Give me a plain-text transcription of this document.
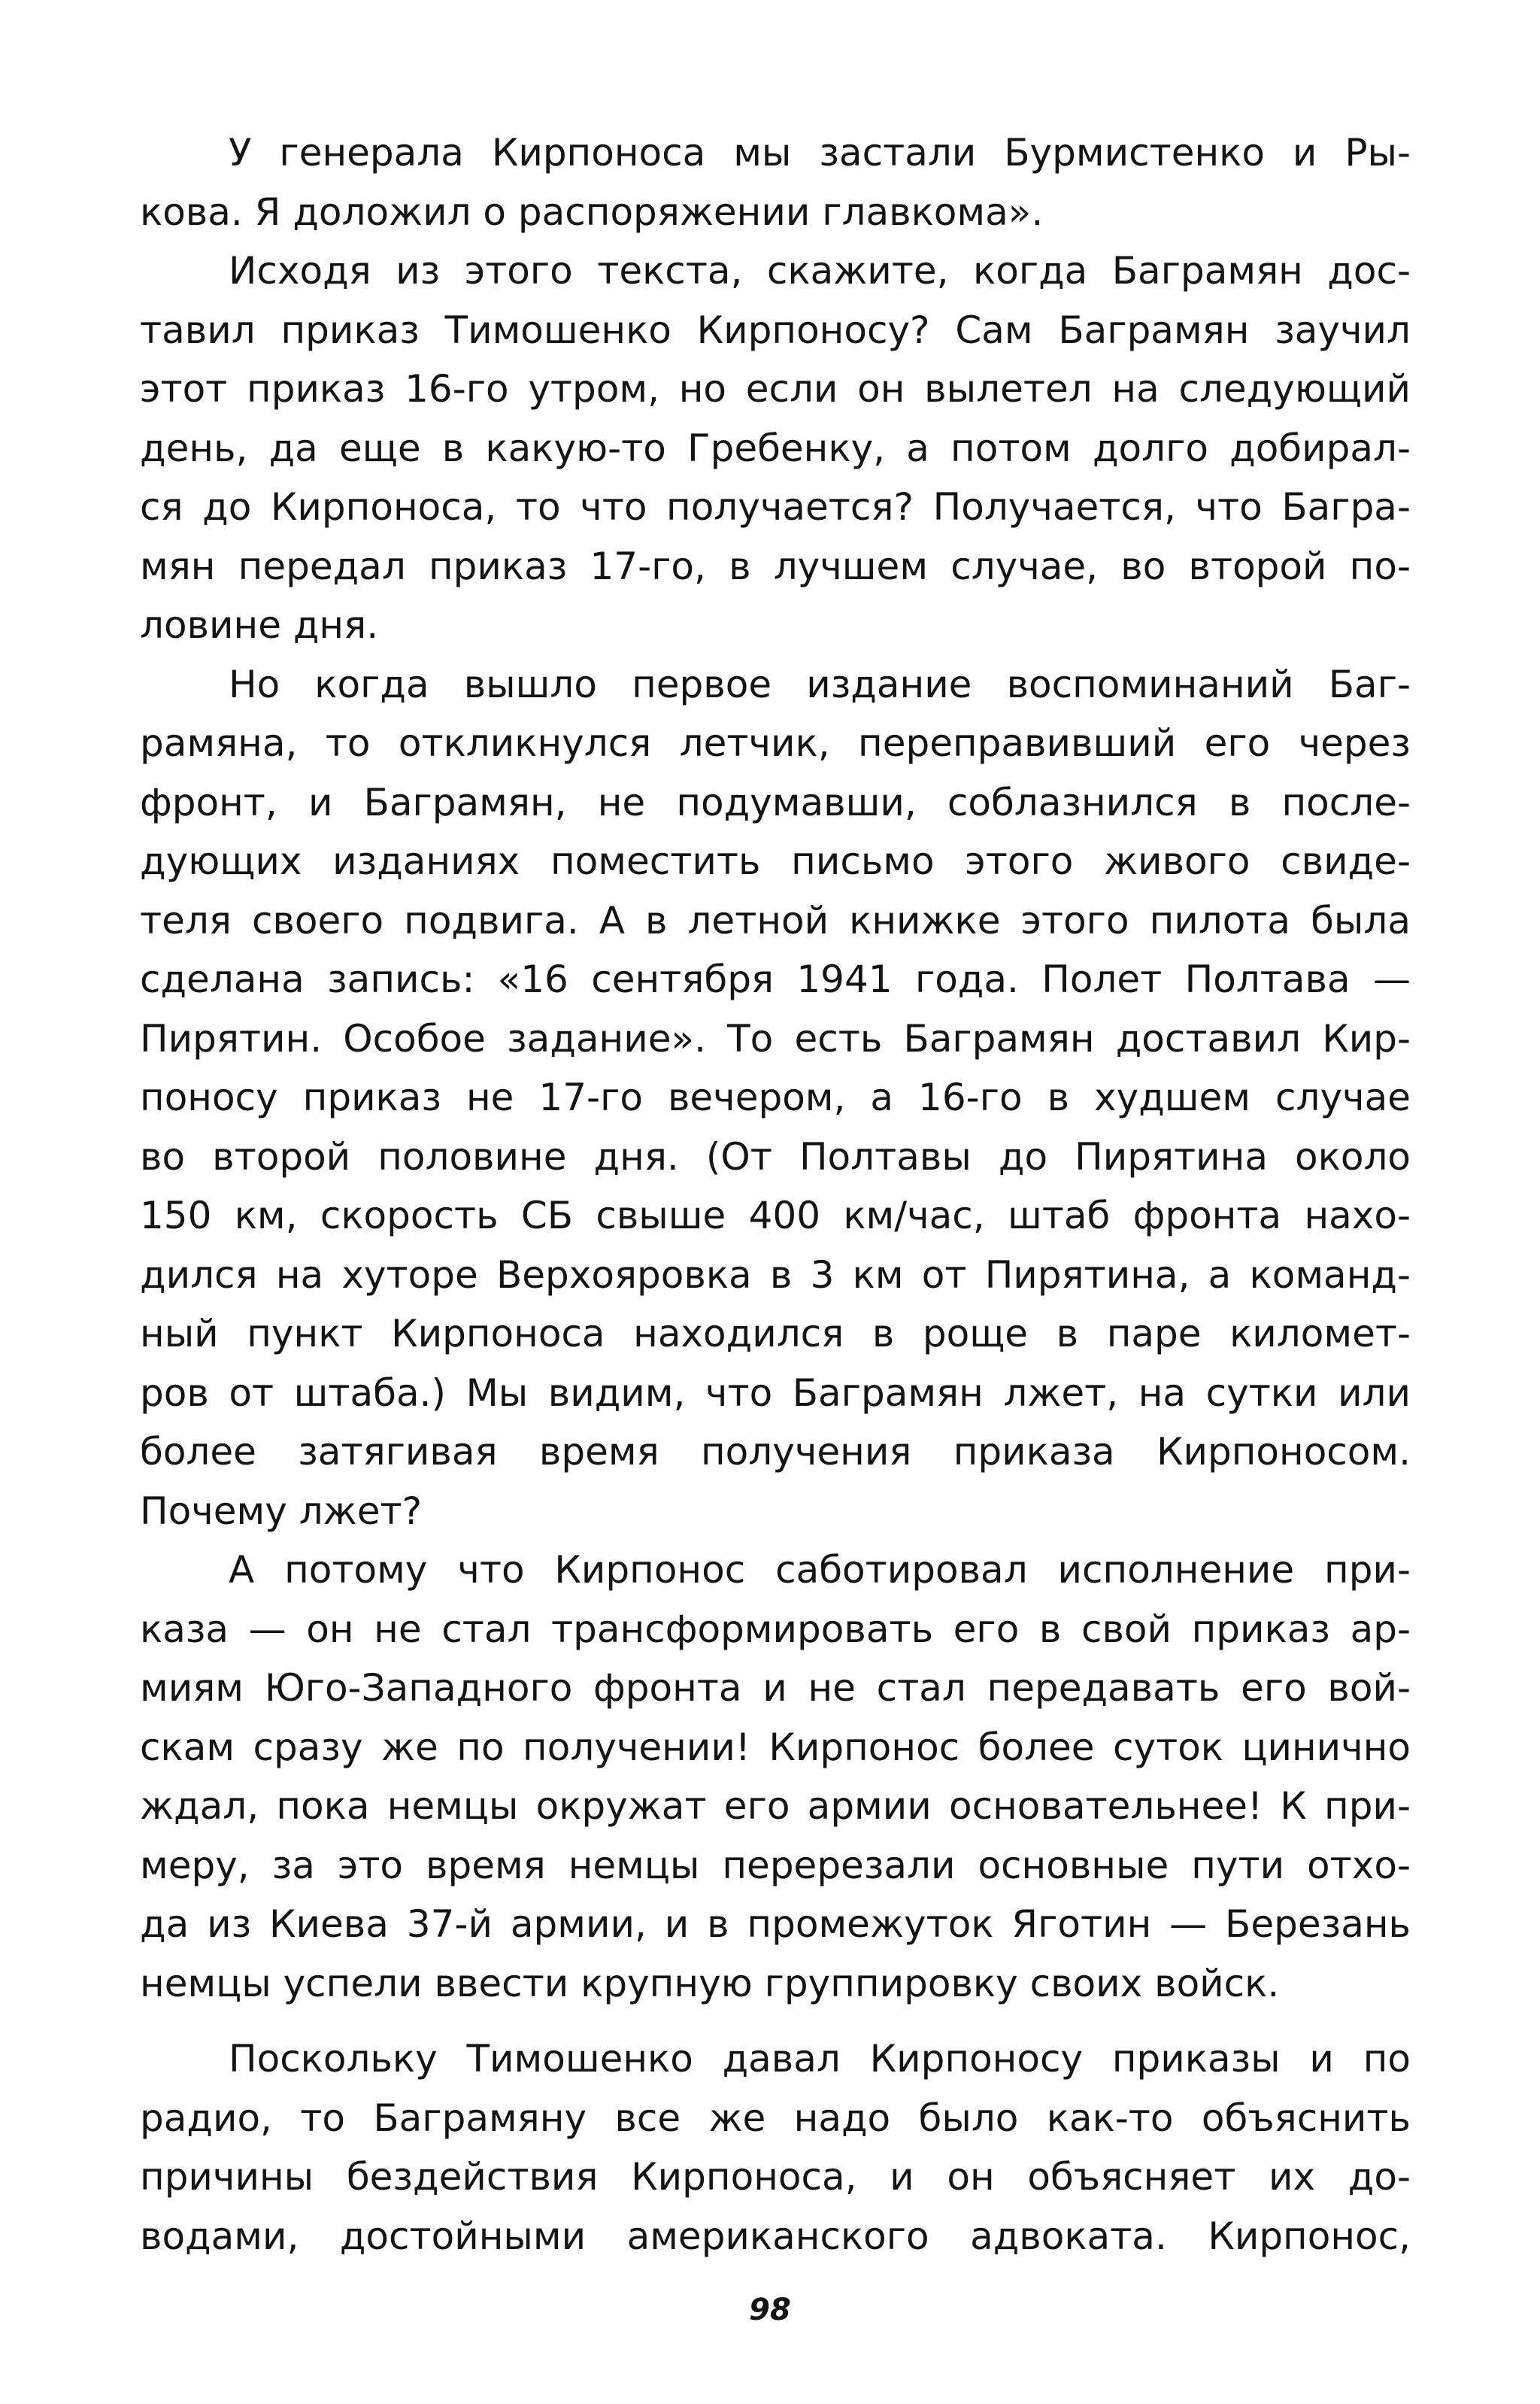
У генерала Кирпоноса мы застали Бурмистенко и Ры-
кова. Я доложил о распоряжении главкома».
Исходя из этого текста, скажите, когда Баграмян дос-
тавил приказ Тимошенко Кирпоносу? Сам Баграмян заучил
этот приказ 16-го утром, но если он вылетел на следующий
день, да еще в какую-то Гребенку, а потом долго добирал-
ся до Кирпоноса, то что получается? Получается, что Багра-
мян передал приказ 17-го, в лучшем случае, во второй по-
ловине дня.
Но когда вышло первое издание воспоминаний Баг-
рамяна, то откликнулся летчик, переправивший его через
фронт, и Баграмян, не подумавши, соблазнился в после-
дующих изданиях поместить письмо этого живого свиде-
теля своего подвига. А в летной книжке этого пилота была
сделана запись: «16 сентября 1941 года. Полет Полтава —
Пирятин. Особое задание». То есть Баграмян доставил Кир-
поносу приказ не 17-го вечером, а 16-го в худшем случае
во второй половине дня. (От Полтавы до Пирятина около
150 км, скорость СБ свыше 400 км/час, штаб фронта нахо-
дился на хуторе Верхояровка в 3 км от Пирятина, а команд-
ный пункт Кирпоноса находился в роще в паре километ-
ров от штаба.) Мы видим, что Баграмян лжет, на сутки или
более затягивая время получения приказа Кирпоносом.
Почему лжет?
А потому что Кирпонос саботировал исполнение при-
каза — он не стал трансформировать его в свой приказ ар-
миям Юго-Западного фронта и не стал передавать его вой-
скам сразу же по получении! Кирпонос более суток цинично
ждал, пока немцы окружат его армии основательнее! К при-
меру, за это время немцы перерезали основные пути отхо-
да из Киева 37-й армии, и в промежуток Яготин — Березань
немцы успели ввести крупную группировку своих войск.
Поскольку Тимошенко давал Кирпоносу приказы и по
радио, то Баграмяну все же надо было как-то объяснить
причины бездействия Кирпоноса, и он объясняет их до-
водами, достойными американского адвоката. Кирпонос,
98
